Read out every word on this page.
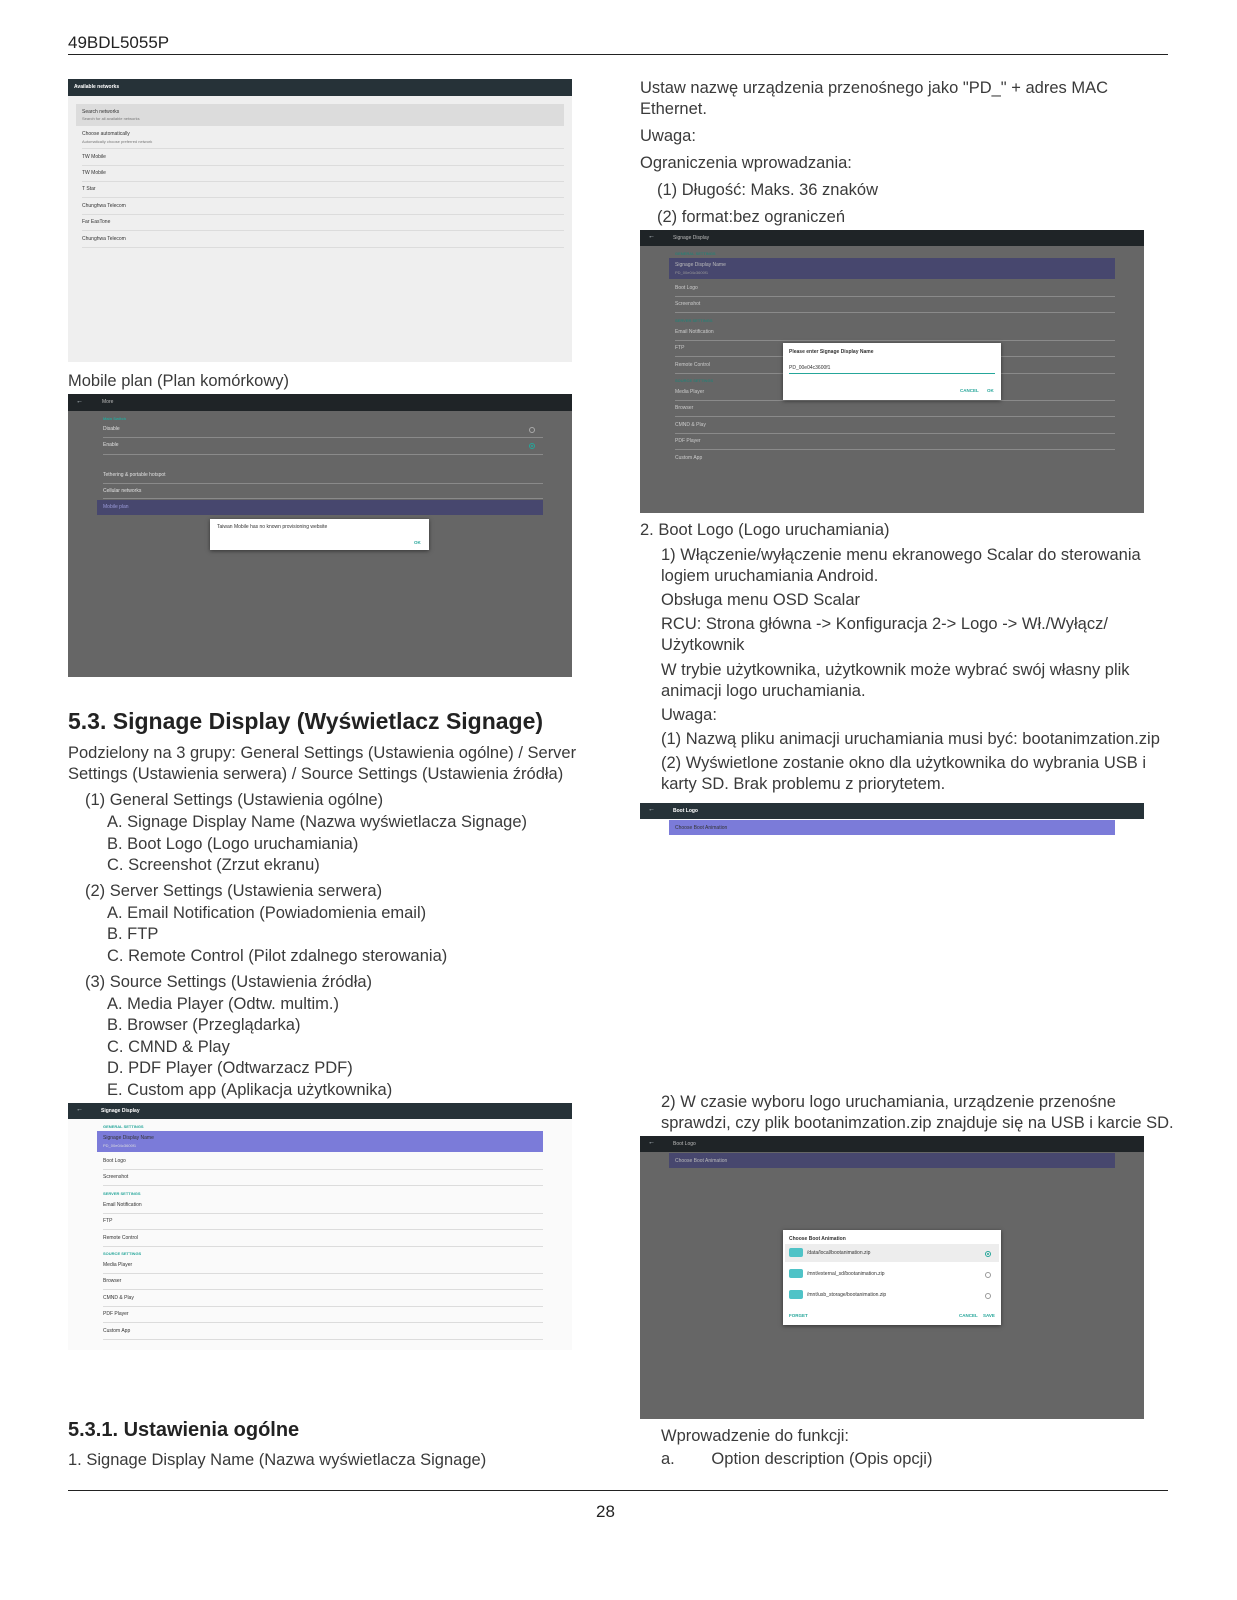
49BDL5055P
28
Available networks
Search networks
Search for all available networks
Choose automatically
Automatically choose preferred network
TW Mobile
TW Mobile
T Star
Chunghwa Telecom
Far EasTone
Chunghwa Telecom
Mobile plan (Plan komórkowy)
←	More
Main Switch
Disable
Enable
Tethering & portable hotspot
Cellular networks
Mobile plan
Taiwan Mobile has no known provisioning website
OK
5.3. Signage Display (Wyświetlacz Signage)
Podzielony na 3 grupy: General Settings (Ustawienia ogólne) / Server
Settings (Ustawienia serwera) / Source Settings (Ustawienia źródła)
(1) General Settings (Ustawienia ogólne)
A. Signage Display Name (Nazwa wyświetlacza Signage)
B. Boot Logo (Logo uruchamiania)
C. Screenshot (Zrzut ekranu)
(2) Server Settings (Ustawienia serwera)
A. Email Notification (Powiadomienia email)
B. FTP
C. Remote Control (Pilot zdalnego sterowania)
(3) Source Settings (Ustawienia źródła)
A. Media Player (Odtw. multim.)
B. Browser (Przeglądarka)
C. CMND & Play
D. PDF Player (Odtwarzacz PDF)
E. Custom app (Aplikacja użytkownika)
←	Signage Display
GENERAL SETTINGS
Signage Display Name
PD_00e04c3600f1
Boot Logo
Screenshot
SERVER SETTINGS
Email Notification
FTP
Remote Control
SOURCE SETTINGS
Media Player
Browser
CMND & Play
PDF Player
Custom App
5.3.1. Ustawienia ogólne
1. Signage Display Name (Nazwa wyświetlacza Signage)
Ustaw nazwę urządzenia przenośnego jako "PD_" + adres MAC
Ethernet.
Uwaga:
Ograniczenia wprowadzania:
(1) Długość: Maks. 36 znaków
(2) format:bez ograniczeń
←	Signage Display
GENERAL SETTINGS
Signage Display Name
PD_00e04c3600f1
Boot Logo
Screenshot
SERVER SETTINGS
Email Notification
FTP
Remote Control
SOURCE SETTINGS
Media Player
Browser
CMND & Play
PDF Player
Custom App
Please enter Signage Display Name
PD_00e04c3600f1
CANCEL OK
2. Boot Logo (Logo uruchamiania)
1) Włączenie/wyłączenie menu ekranowego Scalar do sterowania
logiem uruchamiania Android.
Obsługa menu OSD Scalar
RCU: Strona główna -> Konfiguracja 2-> Logo -> Wł./Wyłącz/
Użytkownik
W trybie użytkownika, użytkownik może wybrać swój własny plik
animacji logo uruchamiania.
Uwaga:
(1) Nazwą pliku animacji uruchamiania musi być: bootanimzation.zip
(2) Wyświetlone zostanie okno dla użytkownika do wybrania USB i
karty SD. Brak problemu z priorytetem.
←	Boot Logo
Choose Boot Animation
2) W czasie wyboru logo uruchamiania, urządzenie przenośne
sprawdzi, czy plik bootanimzation.zip znajduje się na USB i karcie SD.
←	Boot Logo
Choose Boot Animation
Choose Boot Animation
/data/local/bootanimation.zip
/mnt/external_sd/bootanimation.zip
/mnt/usb_storage/bootanimation.zip
FORGET	CANCEL SAVE
Wprowadzenie do funkcji:
a.        Option description (Opis opcji)
